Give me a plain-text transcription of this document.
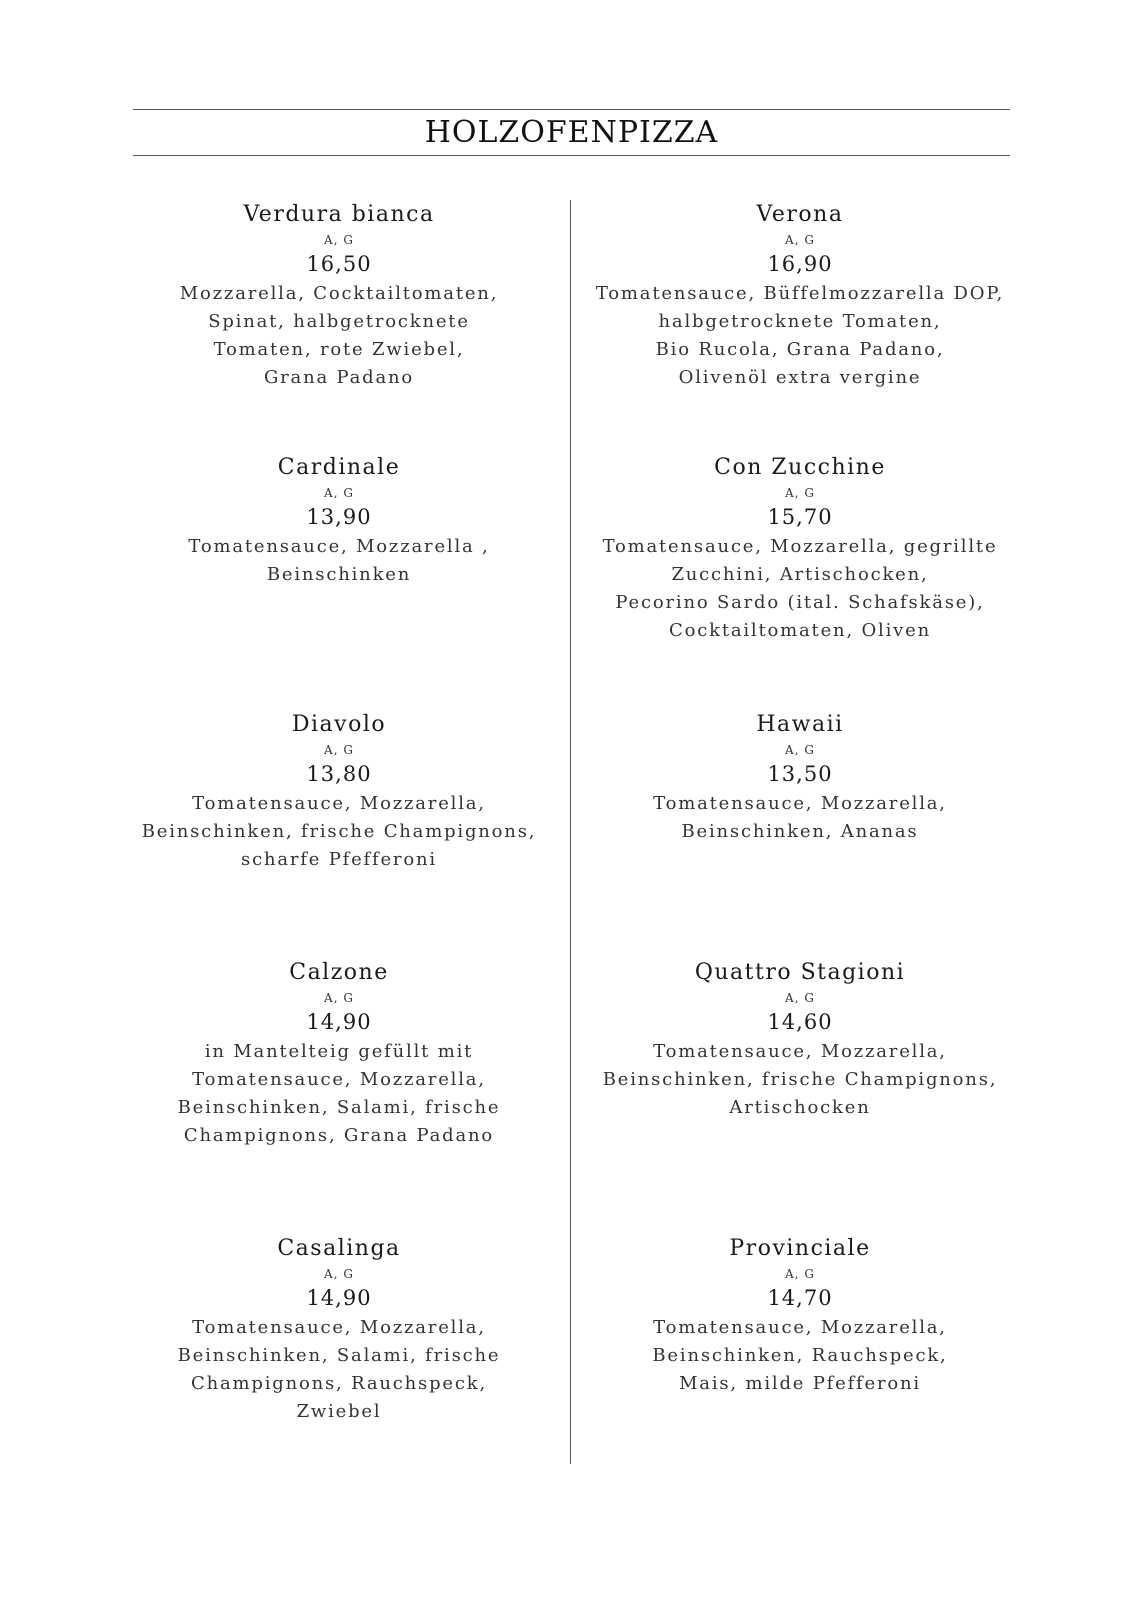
HOLZOFENPIZZA
Verdura bianca
A, G
16,50
Mozzarella, Cocktailtomaten,
Spinat, halbgetrocknete
Tomaten, rote Zwiebel,
Grana Padano
Cardinale
A, G
13,90
Tomatensauce, Mozzarella ,
Beinschinken
Diavolo
A, G
13,80
Tomatensauce, Mozzarella,
Beinschinken, frische Champignons,
scharfe Pfefferoni
Calzone
A, G
14,90
in Mantelteig gefüllt mit
Tomatensauce, Mozzarella,
Beinschinken, Salami, frische
Champignons, Grana Padano
Casalinga
A, G
14,90
Tomatensauce, Mozzarella,
Beinschinken, Salami, frische
Champignons, Rauchspeck,
Zwiebel
Verona
A, G
16,90
Tomatensauce, Büffelmozzarella DOP,
halbgetrocknete Tomaten,
Bio Rucola, Grana Padano,
Olivenöl extra vergine
Con Zucchine
A, G
15,70
Tomatensauce, Mozzarella, gegrillte
Zucchini, Artischocken,
Pecorino Sardo (ital. Schafskäse),
Cocktailtomaten, Oliven
Hawaii
A, G
13,50
Tomatensauce, Mozzarella,
Beinschinken, Ananas
Quattro Stagioni
A, G
14,60
Tomatensauce, Mozzarella,
Beinschinken, frische Champignons,
Artischocken
Provinciale
A, G
14,70
Tomatensauce, Mozzarella,
Beinschinken, Rauchspeck,
Mais, milde Pfefferoni
